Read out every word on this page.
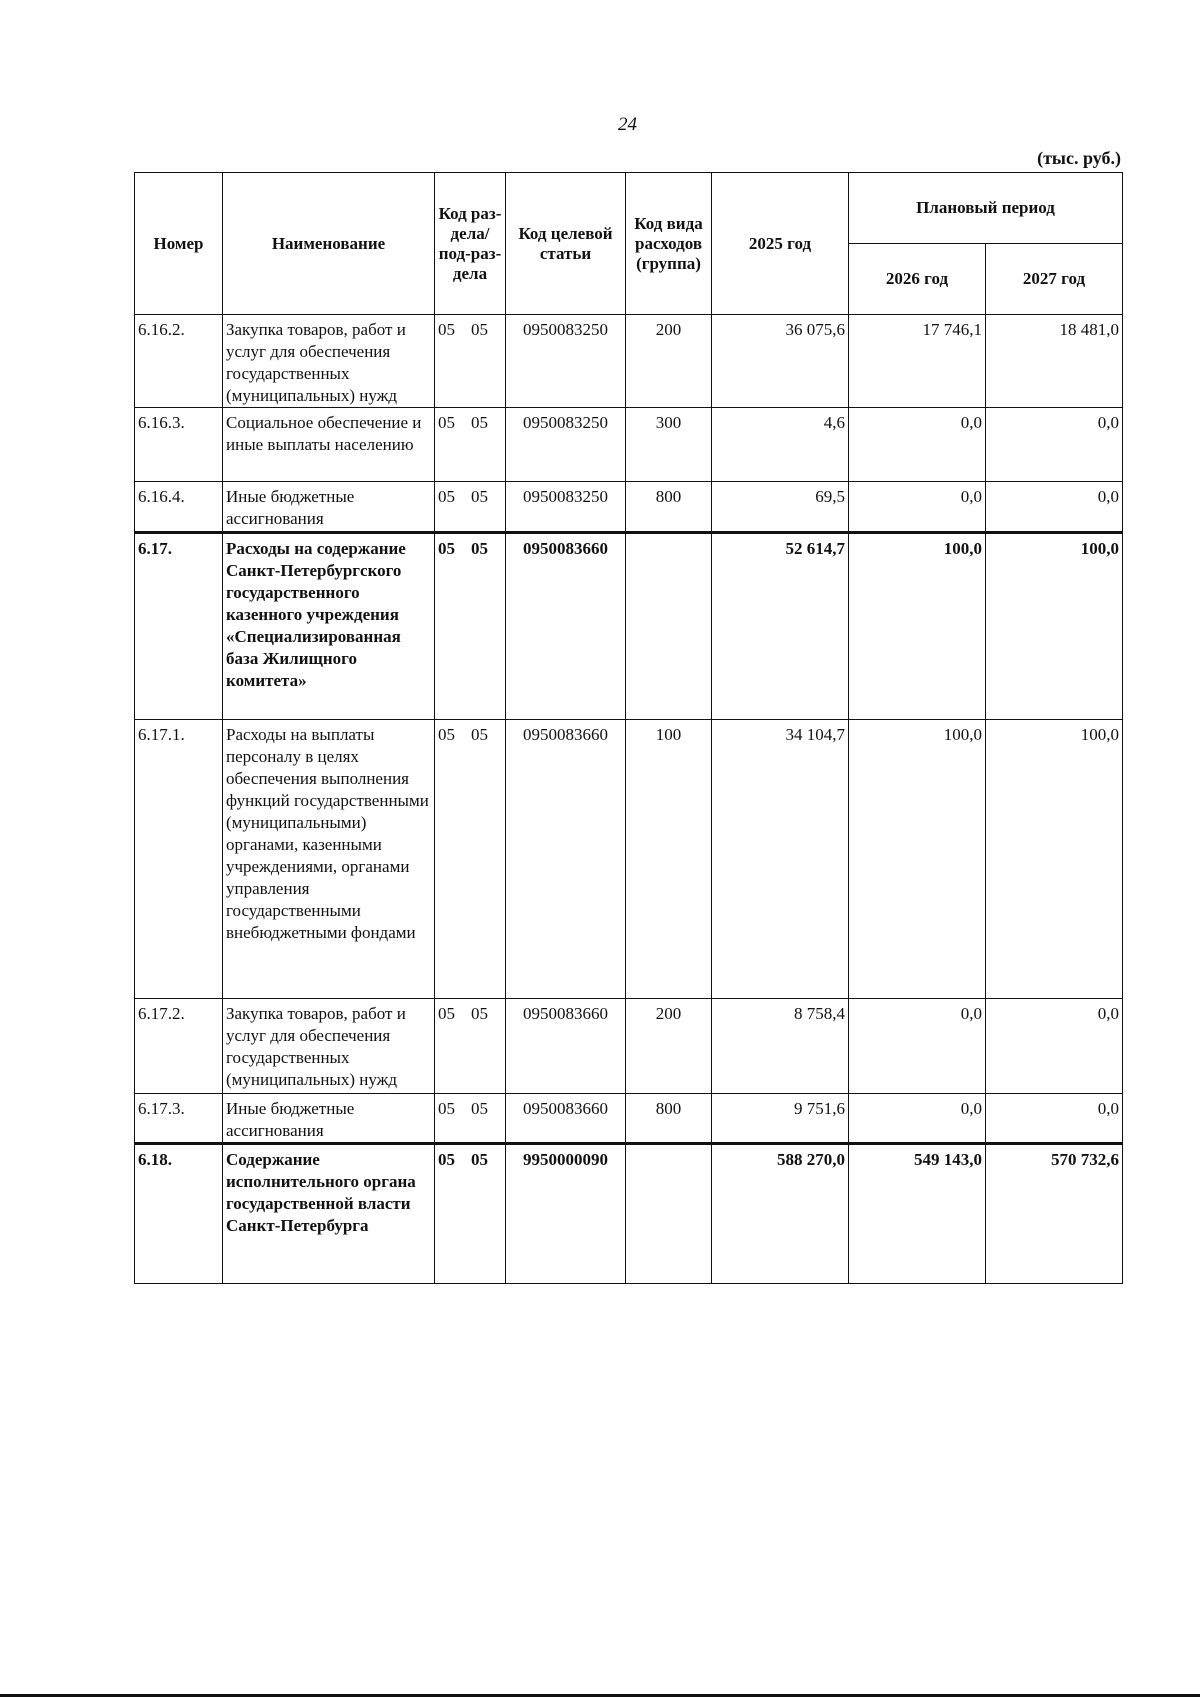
24
(тыс. руб.)
Номер	Наименование	Код раз-дела/ под-раз-дела	Код целевой статьи	Код вида расходов (группа)	2025 год	Плановый период	
						2026 год	2027 год
6.16.2.	Закупка товаров, работ и услуг для обеспечения государственных (муниципальных) нужд	05 05	0950083250	200	36 075,6	17 746,1	18 481,0
6.16.3.	Социальное обеспечение и иные выплаты населению	05 05	0950083250	300	4,6	0,0	0,0
6.16.4.	Иные бюджетные ассигнования	05 05	0950083250	800	69,5	0,0	0,0
6.17.	Расходы на содержание Санкт-Петербургского государственного казенного учреждения «Специализированная база Жилищного комитета»	05 05	0950083660		52 614,7	100,0	100,0
6.17.1.	Расходы на выплаты персоналу в целях обеспечения выполнения функций государственными (муниципальными) органами, казенными учреждениями, органами управления государственными внебюджетными фондами	05 05	0950083660	100	34 104,7	100,0	100,0
6.17.2.	Закупка товаров, работ и услуг для обеспечения государственных (муниципальных) нужд	05 05	0950083660	200	8 758,4	0,0	0,0
6.17.3.	Иные бюджетные ассигнования	05 05	0950083660	800	9 751,6	0,0	0,0
6.18.	Содержание исполнительного органа государственной власти Санкт-Петербурга	05 05	9950000090		588 270,0	549 143,0	570 732,6
